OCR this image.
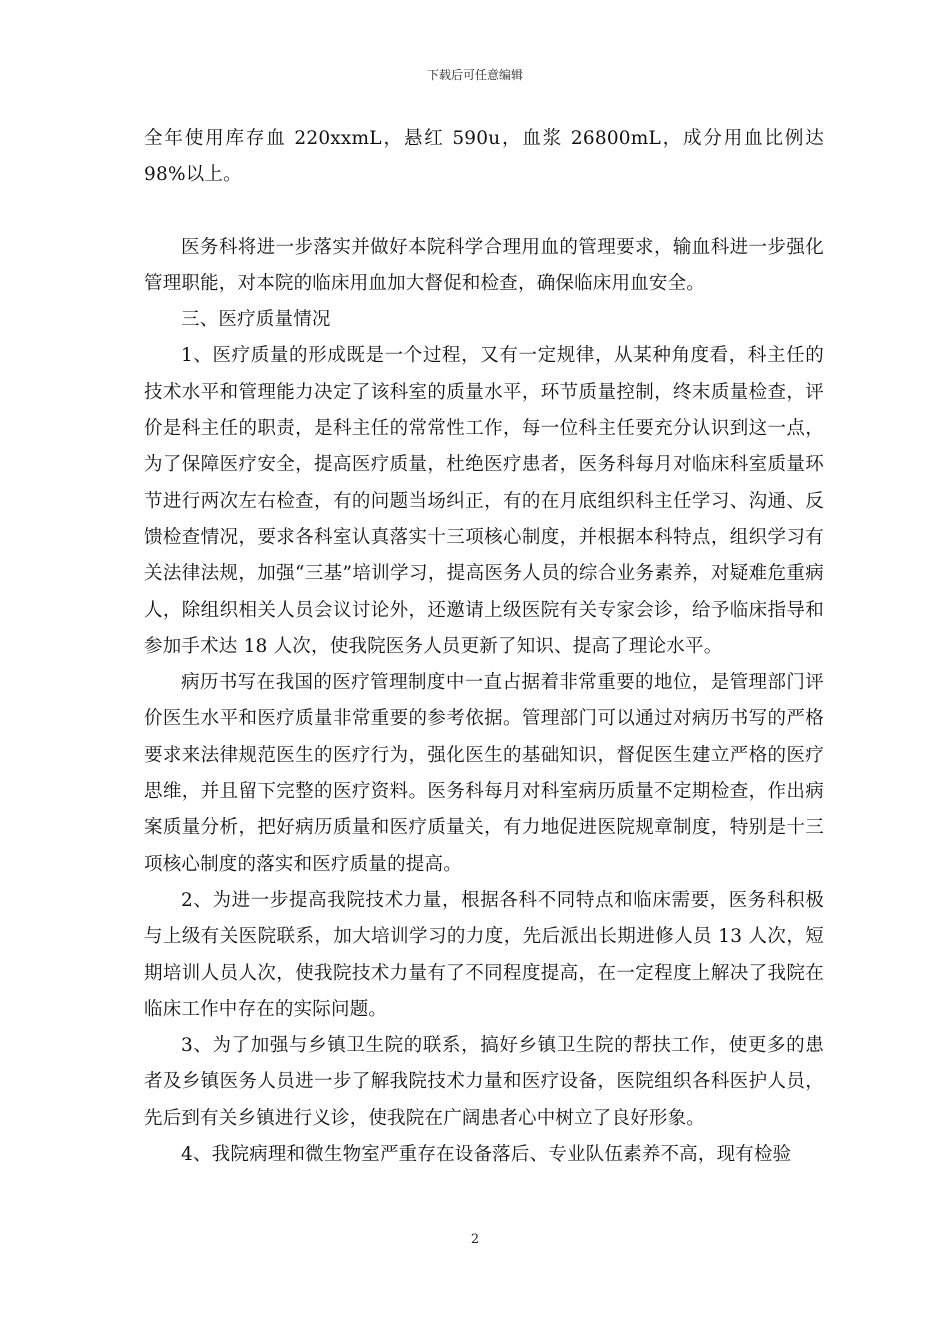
下载后可任意编辑

全年使用库存血 220xxmL，悬红 590u，血浆 26800mL，成分用血比例达 98%以上。

医务科将进一步落实并做好本院科学合理用血的管理要求，输血科进一步强化管理职能，对本院的临床用血加大督促和检查，确保临床用血安全。

三、医疗质量情况

1、医疗质量的形成既是一个过程，又有一定规律，从某种角度看，科主任的技术水平和管理能力决定了该科室的质量水平，环节质量控制，终末质量检查，评价是科主任的职责，是科主任的常常性工作，每一位科主任要充分认识到这一点，为了保障医疗安全，提高医疗质量，杜绝医疗患者，医务科每月对临床科室质量环节进行两次左右检查，有的问题当场纠正，有的在月底组织科主任学习、沟通、反馈检查情况，要求各科室认真落实十三项核心制度，并根据本科特点，组织学习有关法律法规，加强“三基”培训学习，提高医务人员的综合业务素养，对疑难危重病人，除组织相关人员会议讨论外，还邀请上级医院有关专家会诊，给予临床指导和参加手术达 18 人次，使我院医务人员更新了知识、提高了理论水平。

病历书写在我国的医疗管理制度中一直占据着非常重要的地位，是管理部门评价医生水平和医疗质量非常重要的参考依据。管理部门可以通过对病历书写的严格要求来法律规范医生的医疗行为，强化医生的基础知识，督促医生建立严格的医疗思维，并且留下完整的医疗资料。医务科每月对科室病历质量不定期检查，作出病案质量分析，把好病历质量和医疗质量关，有力地促进医院规章制度，特别是十三项核心制度的落实和医疗质量的提高。

2、为进一步提高我院技术力量，根据各科不同特点和临床需要，医务科积极与上级有关医院联系，加大培训学习的力度，先后派出长期进修人员 13 人次，短期培训人员人次，使我院技术力量有了不同程度提高，在一定程度上解决了我院在临床工作中存在的实际问题。

3、为了加强与乡镇卫生院的联系，搞好乡镇卫生院的帮扶工作，使更多的患者及乡镇医务人员进一步了解我院技术力量和医疗设备，医院组织各科医护人员，先后到有关乡镇进行义诊，使我院在广阔患者心中树立了良好形象。

4、我院病理和微生物室严重存在设备落后、专业队伍素养不高，现有检验

2
